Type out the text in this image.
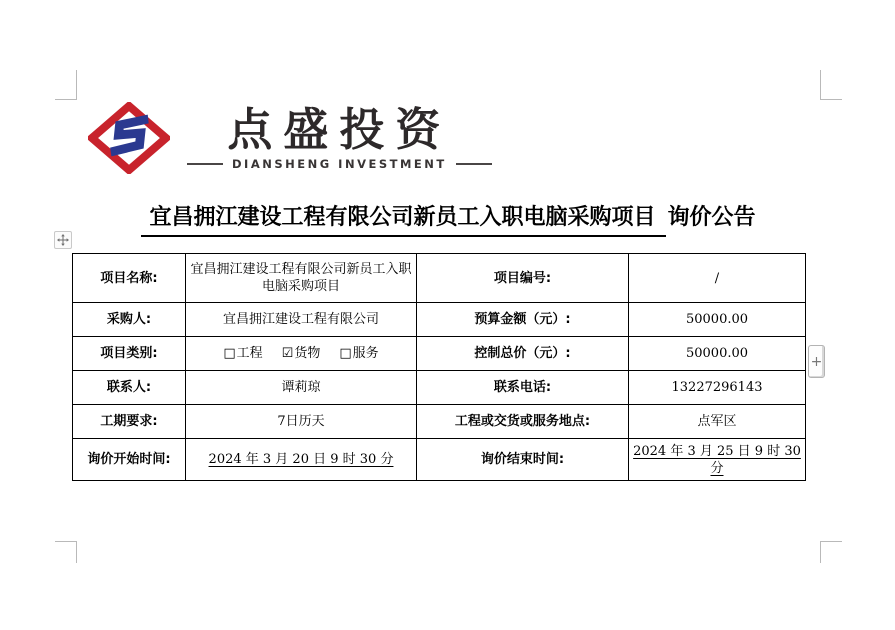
点盛投资
DIANSHENG INVESTMENT
宜昌拥江建设工程有限公司新员工入职电脑采购项目 询价公告
项目名称:	宜昌拥江建设工程有限公司新员工入职电脑采购项目	项目编号:	/
采购人:	宜昌拥江建设工程有限公司	预算金额（元）:	50000.00
项目类别:	□工程 ☑货物 □服务	控制总价（元）:	50000.00
联系人:	谭莉琼	联系电话:	13227296143
工期要求:	7日历天	工程或交货或服务地点:	点军区
询价开始时间:	2024 年 3 月 20 日 9 时 30 分	询价结束时间:	2024 年 3 月 25 日 9 时 30 分
+
